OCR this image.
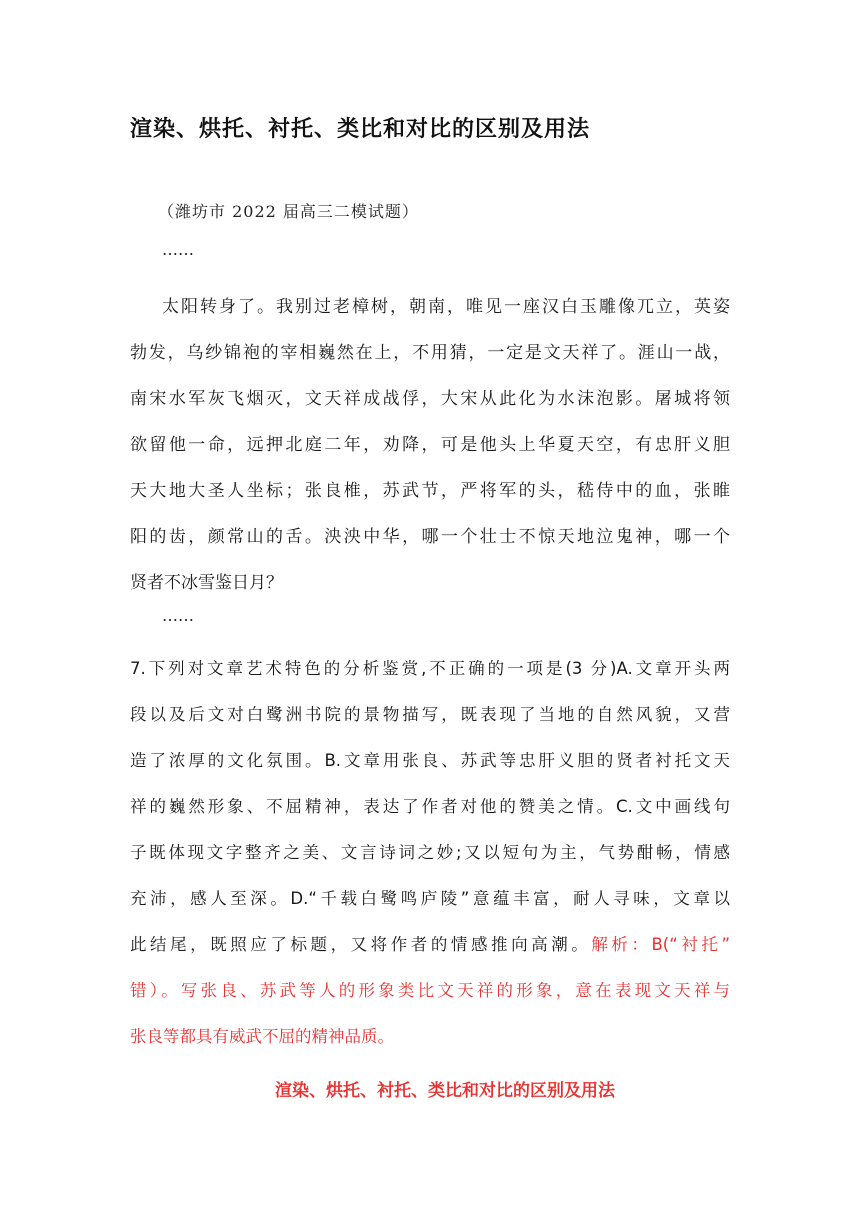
渲染、烘托、衬托、类比和对比的区别及用法
（潍坊市 2022 届高三二模试题）
……
太阳转身了。我别过老樟树，朝南，唯见一座汉白玉雕像兀立，英姿
勃发，乌纱锦袍的宰相巍然在上，不用猜，一定是文天祥了。涯山一战，
南宋水军灰飞烟灭，文天祥成战俘，大宋从此化为水沫泡影。屠城将领
欲留他一命，远押北庭二年，劝降，可是他头上华夏天空，有忠肝义胆
天大地大圣人坐标；张良椎，苏武节，严将军的头，嵇侍中的血，张睢
阳的齿，颜常山的舌。泱泱中华，哪一个壮士不惊天地泣鬼神，哪一个
贤者不冰雪鉴日月？
……
7.下列对文章艺术特色的分析鉴赏,不正确的一项是(3 分)A.文章开头两
段以及后文对白鹭洲书院的景物描写，既表现了当地的自然风貌，又营
造了浓厚的文化氛围。B.文章用张良、苏武等忠肝义胆的贤者衬托文天
祥的巍然形象、不屈精神，表达了作者对他的赞美之情。C.文中画线句
子既体现文字整齐之美、文言诗词之妙;又以短句为主，气势酣畅，情感
充沛，感人至深。D.“千载白鹭鸣庐陵”意蕴丰富，耐人寻味，文章以
此结尾，既照应了标题，又将作者的情感推向高潮。解析：B(“衬托”
错）。写张良、苏武等人的形象类比文天祥的形象，意在表现文天祥与
张良等都具有威武不屈的精神品质。
渲染、烘托、衬托、类比和对比的区别及用法
